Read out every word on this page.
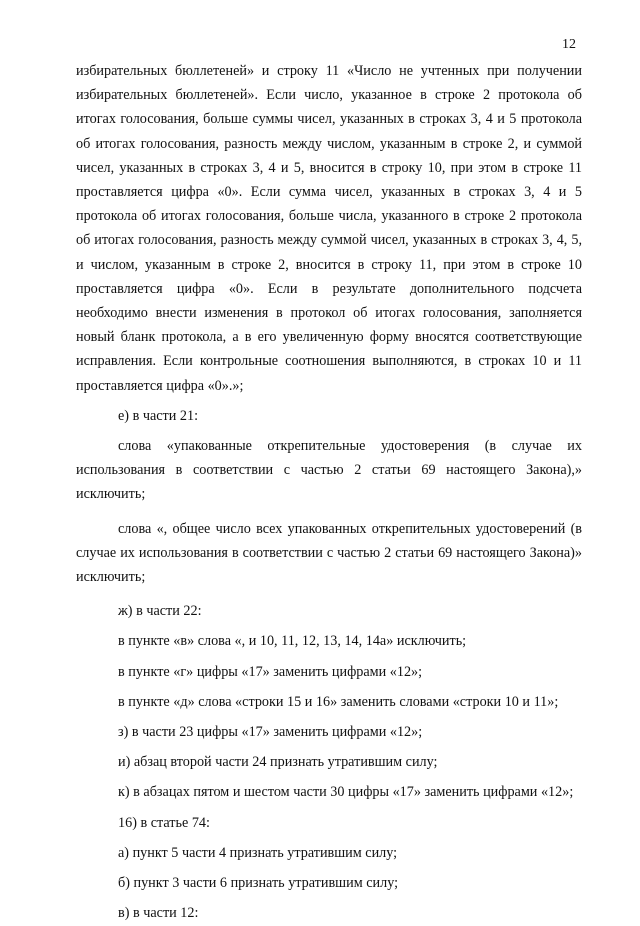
12

избирательных бюллетеней» и строку 11 «Число не учтенных при получении избирательных бюллетеней». Если число, указанное в строке 2 протокола об итогах голосования, больше суммы чисел, указанных в строках 3, 4 и 5 протокола об итогах голосования, разность между числом, указанным в строке 2, и суммой чисел, указанных в строках 3, 4 и 5, вносится в строку 10, при этом в строке 11 проставляется цифра «0». Если сумма чисел, указанных в строках 3, 4 и 5 протокола об итогах голосования, больше числа, указанного в строке 2 протокола об итогах голосования, разность между суммой чисел, указанных в строках 3, 4, 5, и числом, указанным в строке 2, вносится в строку 11, при этом в строке 10 проставляется цифра «0». Если в результате дополнительного подсчета необходимо внести изменения в протокол об итогах голосования, заполняется новый бланк протокола, а в его увеличенную форму вносятся соответствующие исправления. Если контрольные соотношения выполняются, в строках 10 и 11 проставляется цифра «0».»;

е) в части 21:

слова «упакованные открепительные удостоверения (в случае их использования в соответствии с частью 2 статьи 69 настоящего Закона),» исключить;

слова «, общее число всех упакованных открепительных удостоверений (в случае их использования в соответствии с частью 2 статьи 69 настоящего Закона)» исключить;

ж) в части 22:

в пункте «в» слова «, и 10, 11, 12, 13, 14, 14а» исключить;

в пункте «г» цифры «17» заменить цифрами «12»;

в пункте «д» слова «строки 15 и 16» заменить словами «строки 10 и 11»;

з) в части 23 цифры «17» заменить цифрами «12»;

и) абзац второй части 24 признать утратившим силу;

к) в абзацах пятом и шестом части 30 цифры «17» заменить цифрами «12»;

16) в статье 74:

а) пункт 5 части 4 признать утратившим силу;

б) пункт 3 части 6 признать утратившим силу;

в) в части 12:
